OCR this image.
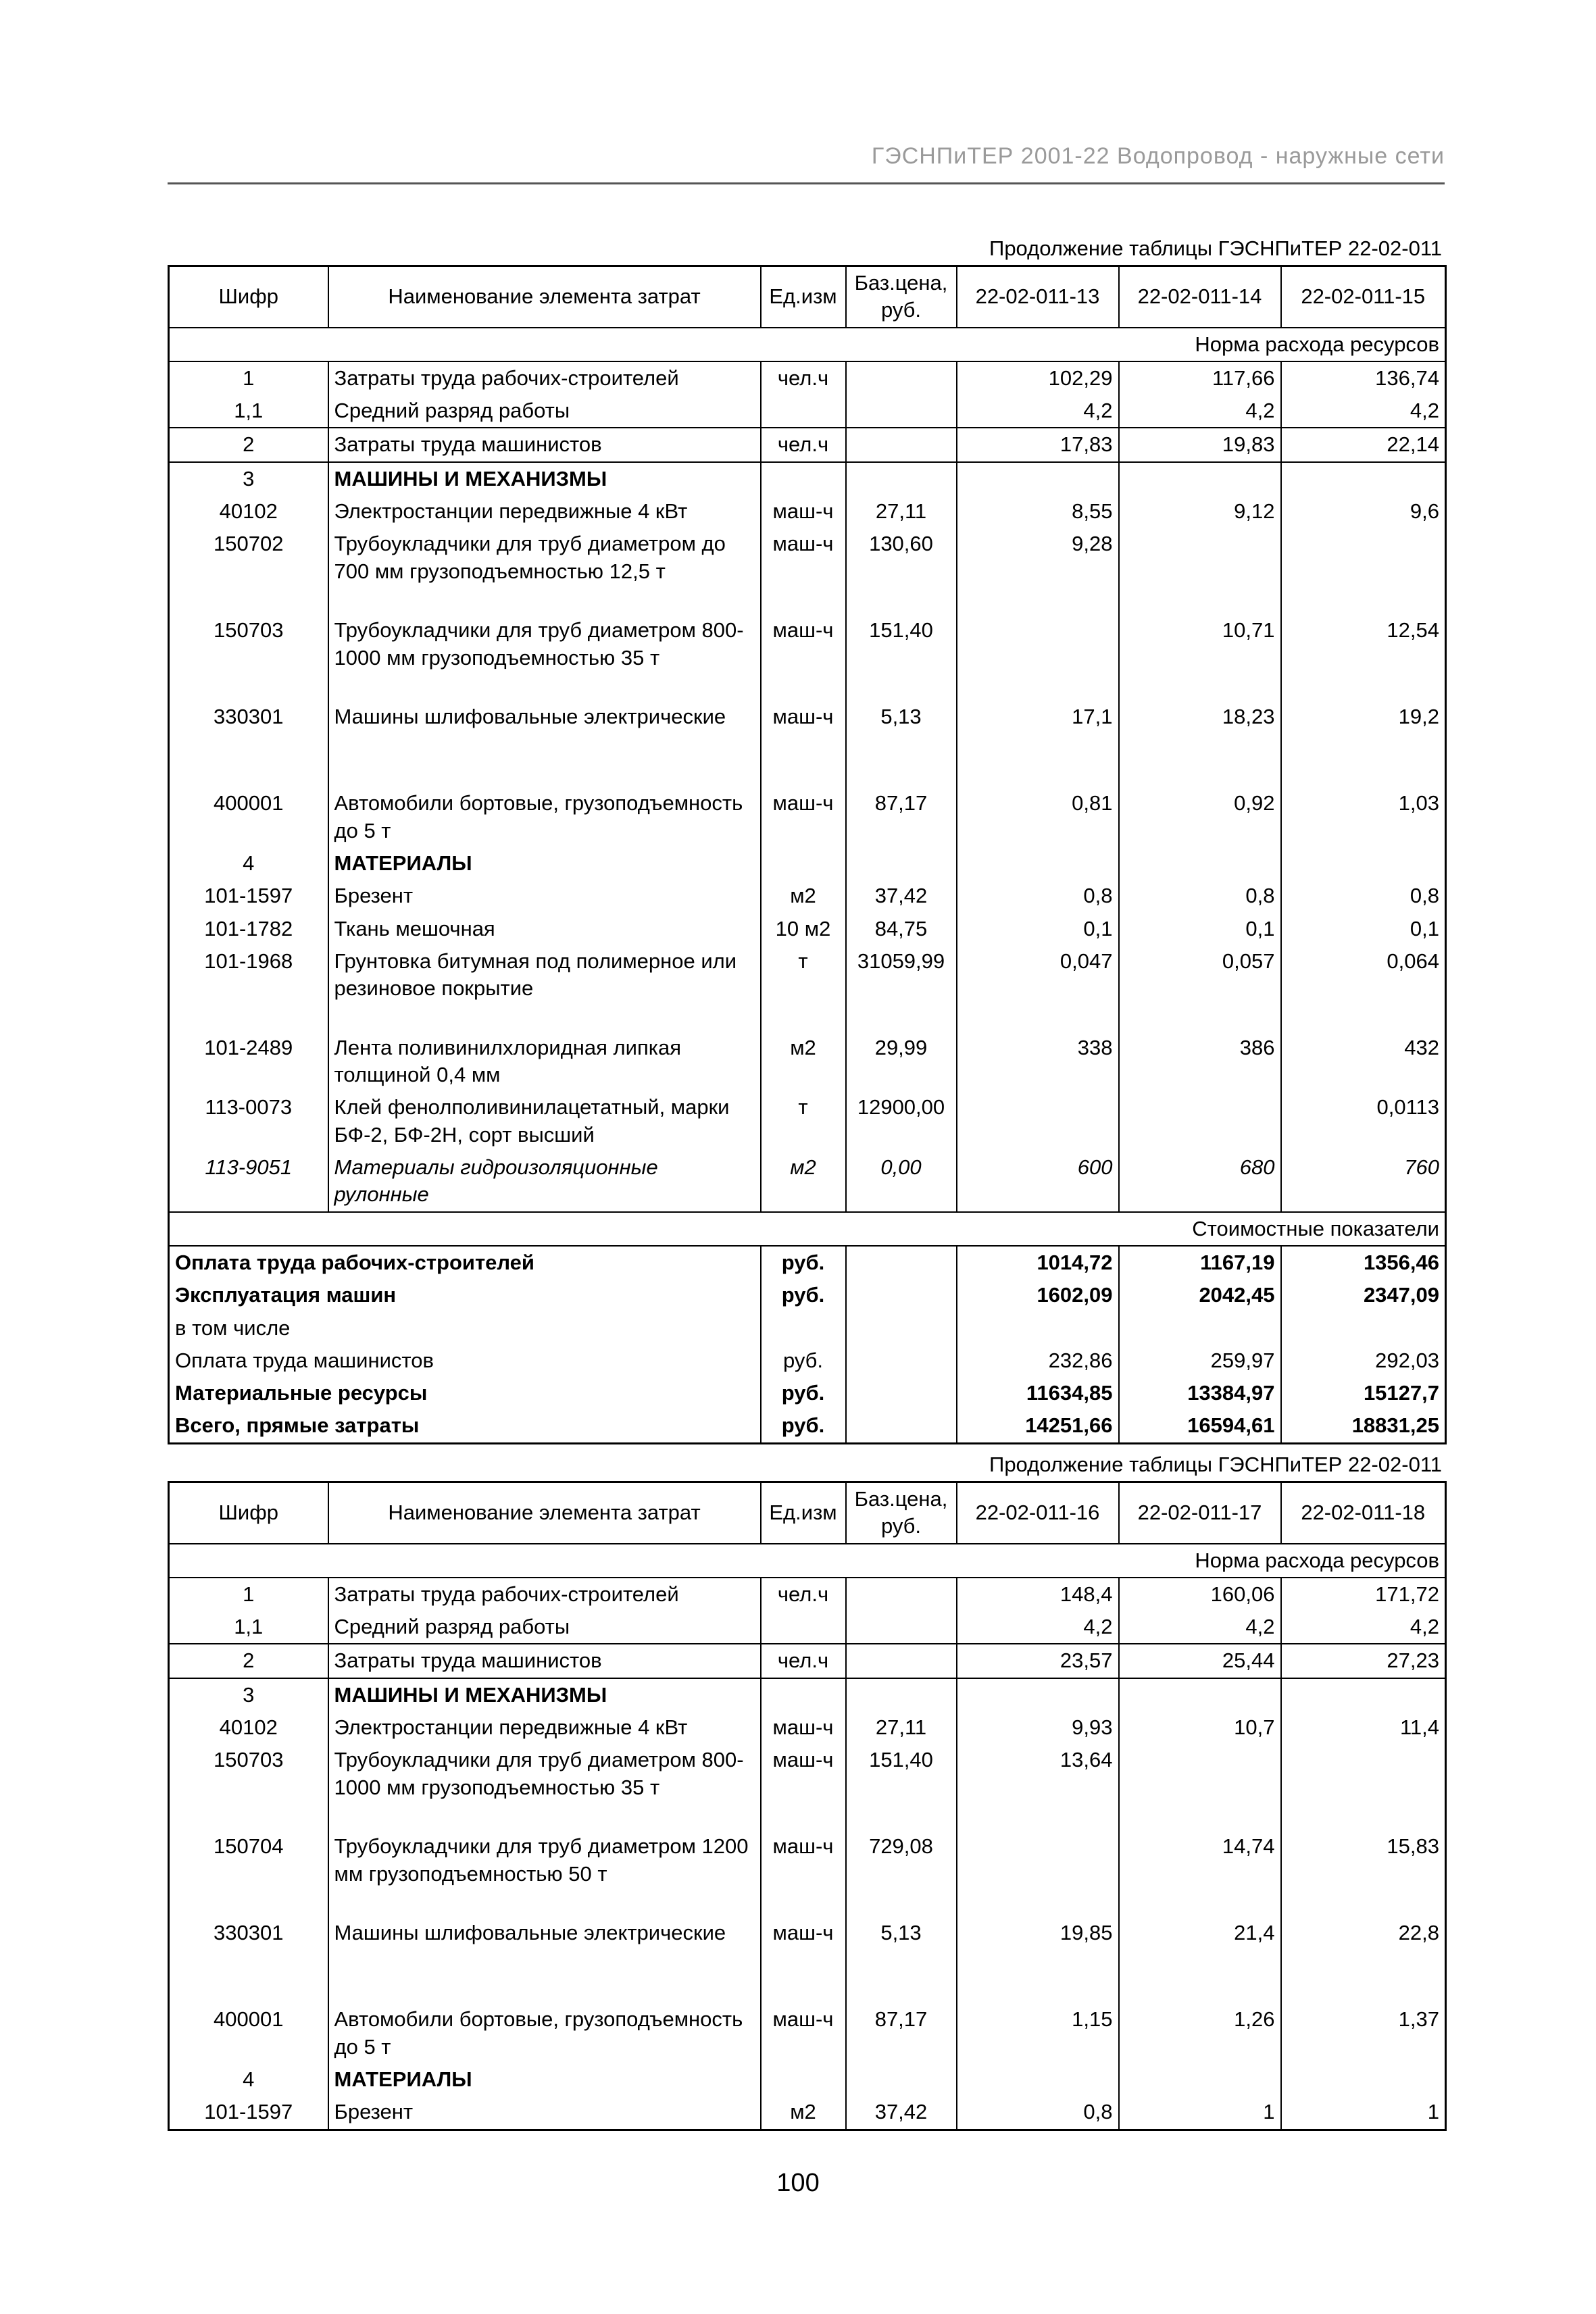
ГЭСНПиТЕР 2001-22 Водопровод - наружные сети
Продолжение таблицы ГЭСНПиТЕР 22-02-011
Шифр	Наименование элемента затрат	Ед.изм	Баз.цена, руб.	22-02-011-13	22-02-011-14	22-02-011-15
Норма расхода ресурсов						
1	Затраты труда рабочих-строителей	чел.ч		102,29	117,66	136,74
1,1	Средний разряд работы			4,2	4,2	4,2
2	Затраты труда машинистов	чел.ч		17,83	19,83	22,14
3	МАШИНЫ И МЕХАНИЗМЫ					
40102	Электростанции передвижные 4 кВт	маш-ч	27,11	8,55	9,12	9,6
150702	Трубоукладчики для труб диаметром до 700 мм грузоподъемностью 12,5 т	маш-ч	130,60	9,28		
150703	Трубоукладчики для труб диаметром 800-1000 мм грузоподъемностью 35 т	маш-ч	151,40		10,71	12,54
330301	Машины шлифовальные электрические	маш-ч	5,13	17,1	18,23	19,2
400001	Автомобили бортовые, грузоподъемность до 5 т	маш-ч	87,17	0,81	0,92	1,03
4	МАТЕРИАЛЫ					
101-1597	Брезент	м2	37,42	0,8	0,8	0,8
101-1782	Ткань мешочная	10 м2	84,75	0,1	0,1	0,1
101-1968	Грунтовка битумная под полимерное или резиновое покрытие	т	31059,99	0,047	0,057	0,064
101-2489	Лента поливинилхлоридная липкая толщиной 0,4 мм	м2	29,99	338	386	432
113-0073	Клей фенолполивинилацетатный, марки БФ-2, БФ-2Н, сорт высший	т	12900,00			0,0113
113-9051	Материалы гидроизоляционные рулонные	м2	0,00	600	680	760
Стоимостные показатели						
Оплата труда рабочих-строителей		руб.		1014,72	1167,19	1356,46
Эксплуатация машин		руб.		1602,09	2042,45	2347,09
в том числе						
Оплата труда машинистов		руб.		232,86	259,97	292,03
Материальные ресурсы		руб.		11634,85	13384,97	15127,7
Всего, прямые затраты		руб.		14251,66	16594,61	18831,25
Продолжение таблицы ГЭСНПиТЕР 22-02-011
Шифр	Наименование элемента затрат	Ед.изм	Баз.цена, руб.	22-02-011-16	22-02-011-17	22-02-011-18
Норма расхода ресурсов						
1	Затраты труда рабочих-строителей	чел.ч		148,4	160,06	171,72
1,1	Средний разряд работы			4,2	4,2	4,2
2	Затраты труда машинистов	чел.ч		23,57	25,44	27,23
3	МАШИНЫ И МЕХАНИЗМЫ					
40102	Электростанции передвижные 4 кВт	маш-ч	27,11	9,93	10,7	11,4
150703	Трубоукладчики для труб диаметром 800-1000 мм грузоподъемностью 35 т	маш-ч	151,40	13,64		
150704	Трубоукладчики для труб диаметром 1200 мм грузоподъемностью 50 т	маш-ч	729,08		14,74	15,83
330301	Машины шлифовальные электрические	маш-ч	5,13	19,85	21,4	22,8
400001	Автомобили бортовые, грузоподъемность до 5 т	маш-ч	87,17	1,15	1,26	1,37
4	МАТЕРИАЛЫ					
101-1597	Брезент	м2	37,42	0,8	1	1
100
